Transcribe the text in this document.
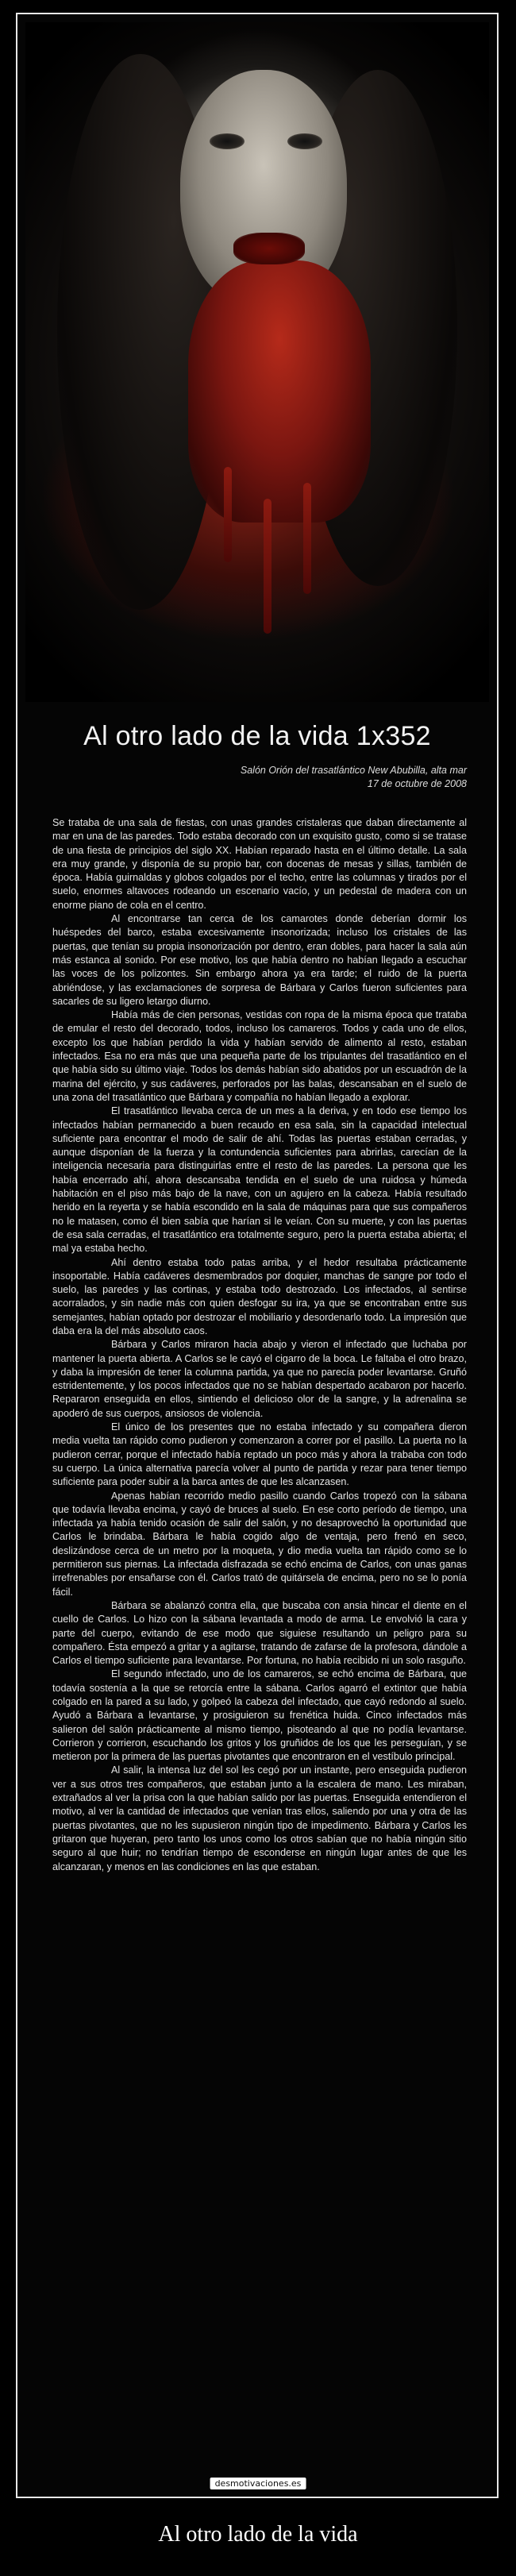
Al otro lado de la vida 1x352
Salón Orión del trasatlántico New Abubilla, alta mar
17 de octubre de 2008

Se trataba de una sala de fiestas, con unas grandes cristaleras que daban directamente al mar en una de las paredes. Todo estaba decorado con un exquisito gusto, como si se tratase de una fiesta de principios del siglo XX. Habían reparado hasta en el último detalle. La sala era muy grande, y disponía de su propio bar, con docenas de mesas y sillas, también de época. Había guirnaldas y globos colgados por el techo, entre las columnas y tirados por el suelo, enormes altavoces rodeando un escenario vacío, y un pedestal de madera con un enorme piano de cola en el centro.

Al encontrarse tan cerca de los camarotes donde deberían dormir los huéspedes del barco, estaba excesivamente insonorizada; incluso los cristales de las puertas, que tenían su propia insonorización por dentro, eran dobles, para hacer la sala aún más estanca al sonido. Por ese motivo, los que había dentro no habían llegado a escuchar las voces de los polizontes. Sin embargo ahora ya era tarde; el ruido de la puerta abriéndose, y las exclamaciones de sorpresa de Bárbara y Carlos fueron suficientes para sacarles de su ligero letargo diurno.

Había más de cien personas, vestidas con ropa de la misma época que trataba de emular el resto del decorado, todos, incluso los camareros. Todos y cada uno de ellos, excepto los que habían perdido la vida y habían servido de alimento al resto, estaban infectados. Esa no era más que una pequeña parte de los tripulantes del trasatlántico en el que había sido su último viaje. Todos los demás habían sido abatidos por un escuadrón de la marina del ejército, y sus cadáveres, perforados por las balas, descansaban en el suelo de una zona del trasatlántico que Bárbara y compañía no habían llegado a explorar.

El trasatlántico llevaba cerca de un mes a la deriva, y en todo ese tiempo los infectados habían permanecido a buen recaudo en esa sala, sin la capacidad intelectual suficiente para encontrar el modo de salir de ahí. Todas las puertas estaban cerradas, y aunque disponían de la fuerza y la contundencia suficientes para abrirlas, carecían de la inteligencia necesaria para distinguirlas entre el resto de las paredes. La persona que les había encerrado ahí, ahora descansaba tendida en el suelo de una ruidosa y húmeda habitación en el piso más bajo de la nave, con un agujero en la cabeza. Había resultado herido en la reyerta y se había escondido en la sala de máquinas para que sus compañeros no le matasen, como él bien sabía que harían si le veían. Con su muerte, y con las puertas de esa sala cerradas, el trasatlántico era totalmente seguro, pero la puerta estaba abierta; el mal ya estaba hecho.

Ahí dentro estaba todo patas arriba, y el hedor resultaba prácticamente insoportable. Había cadáveres desmembrados por doquier, manchas de sangre por todo el suelo, las paredes y las cortinas, y estaba todo destrozado. Los infectados, al sentirse acorralados, y sin nadie más con quien desfogar su ira, ya que se encontraban entre sus semejantes, habían optado por destrozar el mobiliario y desordenarlo todo. La impresión que daba era la del más absoluto caos.

Bárbara y Carlos miraron hacia abajo y vieron el infectado que luchaba por mantener la puerta abierta. A Carlos se le cayó el cigarro de la boca. Le faltaba el otro brazo, y daba la impresión de tener la columna partida, ya que no parecía poder levantarse. Gruñó estridentemente, y los pocos infectados que no se habían despertado acabaron por hacerlo. Repararon enseguida en ellos, sintiendo el delicioso olor de la sangre, y la adrenalina se apoderó de sus cuerpos, ansiosos de violencia.

El único de los presentes que no estaba infectado y su compañera dieron media vuelta tan rápido como pudieron y comenzaron a correr por el pasillo. La puerta no la pudieron cerrar, porque el infectado había reptado un poco más y ahora la trababa con todo su cuerpo. La única alternativa parecía volver al punto de partida y rezar para tener tiempo suficiente para poder subir a la barca antes de que les alcanzasen.

Apenas habían recorrido medio pasillo cuando Carlos tropezó con la sábana que todavía llevaba encima, y cayó de bruces al suelo. En ese corto período de tiempo, una infectada ya había tenido ocasión de salir del salón, y no desaprovechó la oportunidad que Carlos le brindaba. Bárbara le había cogido algo de ventaja, pero frenó en seco, deslizándose cerca de un metro por la moqueta, y dio media vuelta tan rápido como se lo permitieron sus piernas. La infectada disfrazada se echó encima de Carlos, con unas ganas irrefrenables por ensañarse con él. Carlos trató de quitársela de encima, pero no se lo ponía fácil.

Bárbara se abalanzó contra ella, que buscaba con ansia hincar el diente en el cuello de Carlos. Lo hizo con la sábana levantada a modo de arma. Le envolvió la cara y parte del cuerpo, evitando de ese modo que siguiese resultando un peligro para su compañero. Ésta empezó a gritar y a agitarse, tratando de zafarse de la profesora, dándole a Carlos el tiempo suficiente para levantarse. Por fortuna, no había recibido ni un solo rasguño.

El segundo infectado, uno de los camareros, se echó encima de Bárbara, que todavía sostenía a la que se retorcía entre la sábana. Carlos agarró el extintor que había colgado en la pared a su lado, y golpeó la cabeza del infectado, que cayó redondo al suelo. Ayudó a Bárbara a levantarse, y prosiguieron su frenética huida. Cinco infectados más salieron del salón prácticamente al mismo tiempo, pisoteando al que no podía levantarse. Corrieron y corrieron, escuchando los gritos y los gruñidos de los que les perseguían, y se metieron por la primera de las puertas pivotantes que encontraron en el vestíbulo principal.

Al salir, la intensa luz del sol les cegó por un instante, pero enseguida pudieron ver a sus otros tres compañeros, que estaban junto a la escalera de mano. Les miraban, extrañados al ver la prisa con la que habían salido por las puertas. Enseguida entendieron el motivo, al ver la cantidad de infectados que venían tras ellos, saliendo por una y otra de las puertas pivotantes, que no les supusieron ningún tipo de impedimento. Bárbara y Carlos les gritaron que huyeran, pero tanto los unos como los otros sabían que no había ningún sitio seguro al que huir; no tendrían tiempo de esconderse en ningún lugar antes de que les alcanzaran, y menos en las condiciones en las que estaban.

desmotivaciones.es
Al otro lado de la vida
